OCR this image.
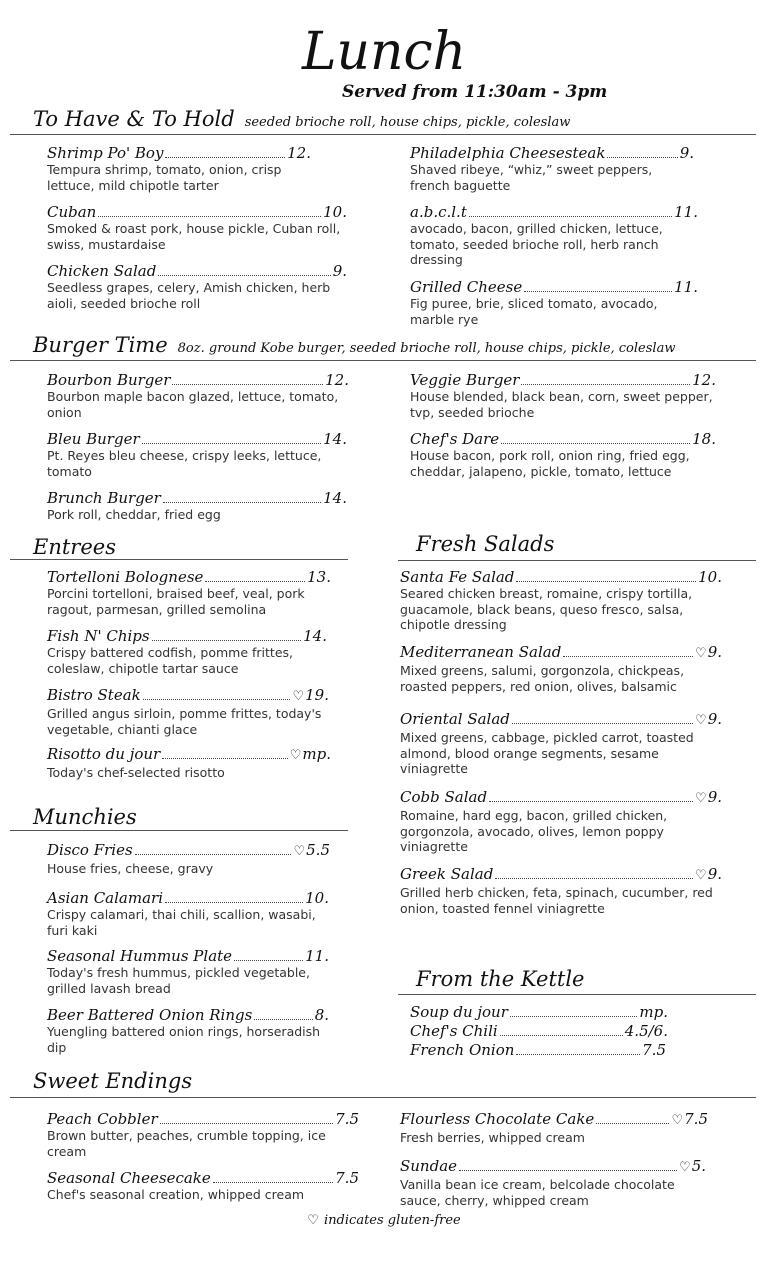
Lunch
Served from 11:30am - 3pm
To Have & To Hold seeded brioche roll, house chips, pickle, coleslaw
Shrimp Po' Boy	12.
Tempura shrimp, tomato, onion, crisp lettuce, mild chipotle tarter
Cuban	10.
Smoked & roast pork, house pickle, Cuban roll, swiss, mustardaise
Chicken Salad	9.
Seedless grapes, celery, Amish chicken, herb aioli, seeded brioche roll
Philadelphia Cheesesteak	9.
Shaved ribeye, “whiz,” sweet peppers, french baguette
a.b.c.l.t	11.
avocado, bacon, grilled chicken, lettuce, tomato, seeded brioche roll, herb ranch dressing
Grilled Cheese	11.
Fig puree, brie, sliced tomato, avocado, marble rye
Burger Time 8oz. ground Kobe burger, seeded brioche roll, house chips, pickle, coleslaw
Bourbon Burger	12.
Bourbon maple bacon glazed, lettuce, tomato, onion
Bleu Burger	14.
Pt. Reyes bleu cheese, crispy leeks, lettuce, tomato
Brunch Burger	14.
Pork roll, cheddar, fried egg
Veggie Burger	12.
House blended, black bean, corn, sweet pepper, tvp, seeded brioche
Chef's Dare	18.
House bacon, pork roll, onion ring, fried egg, cheddar, jalapeno, pickle, tomato, lettuce
Entrees
Tortelloni Bolognese	13.
Porcini tortelloni, braised beef, veal, pork ragout, parmesan, grilled semolina
Fish N' Chips	14.
Crispy battered codfish, pomme frittes, coleslaw, chipotle tartar sauce
Bistro Steak	♡ 19.
Grilled angus sirloin, pomme frittes, today's vegetable, chianti glace
Risotto du jour	♡ mp.
Today's chef-selected risotto
Munchies
Disco Fries	♡ 5.5
House fries, cheese, gravy
Asian Calamari	10.
Crispy calamari, thai chili, scallion, wasabi, furi kaki
Seasonal Hummus Plate	11.
Today's fresh hummus, pickled vegetable, grilled lavash bread
Beer Battered Onion Rings	8.
Yuengling battered onion rings, horseradish dip
Fresh Salads
Santa Fe Salad	10.
Seared chicken breast, romaine, crispy tortilla, guacamole, black beans, queso fresco, salsa, chipotle dressing
Mediterranean Salad	♡ 9.
Mixed greens, salumi, gorgonzola, chickpeas, roasted peppers, red onion, olives, balsamic
Oriental Salad	♡ 9.
Mixed greens, cabbage, pickled carrot, toasted almond, blood orange segments, sesame viniagrette
Cobb Salad	♡ 9.
Romaine, hard egg, bacon, grilled chicken, gorgonzola, avocado, olives, lemon poppy viniagrette
Greek Salad	♡ 9.
Grilled herb chicken, feta, spinach, cucumber, red onion, toasted fennel viniagrette
From the Kettle
Soup du jour	mp.
Chef's Chili	4.5/6.
French Onion	7.5
Sweet Endings
Peach Cobbler	7.5
Brown butter, peaches, crumble topping, ice cream
Seasonal Cheesecake	7.5
Chef's seasonal creation, whipped cream
Flourless Chocolate Cake	♡ 7.5
Fresh berries, whipped cream
Sundae	♡ 5.
Vanilla bean ice cream, belcolade chocolate sauce, cherry, whipped cream
♡ indicates gluten-free
